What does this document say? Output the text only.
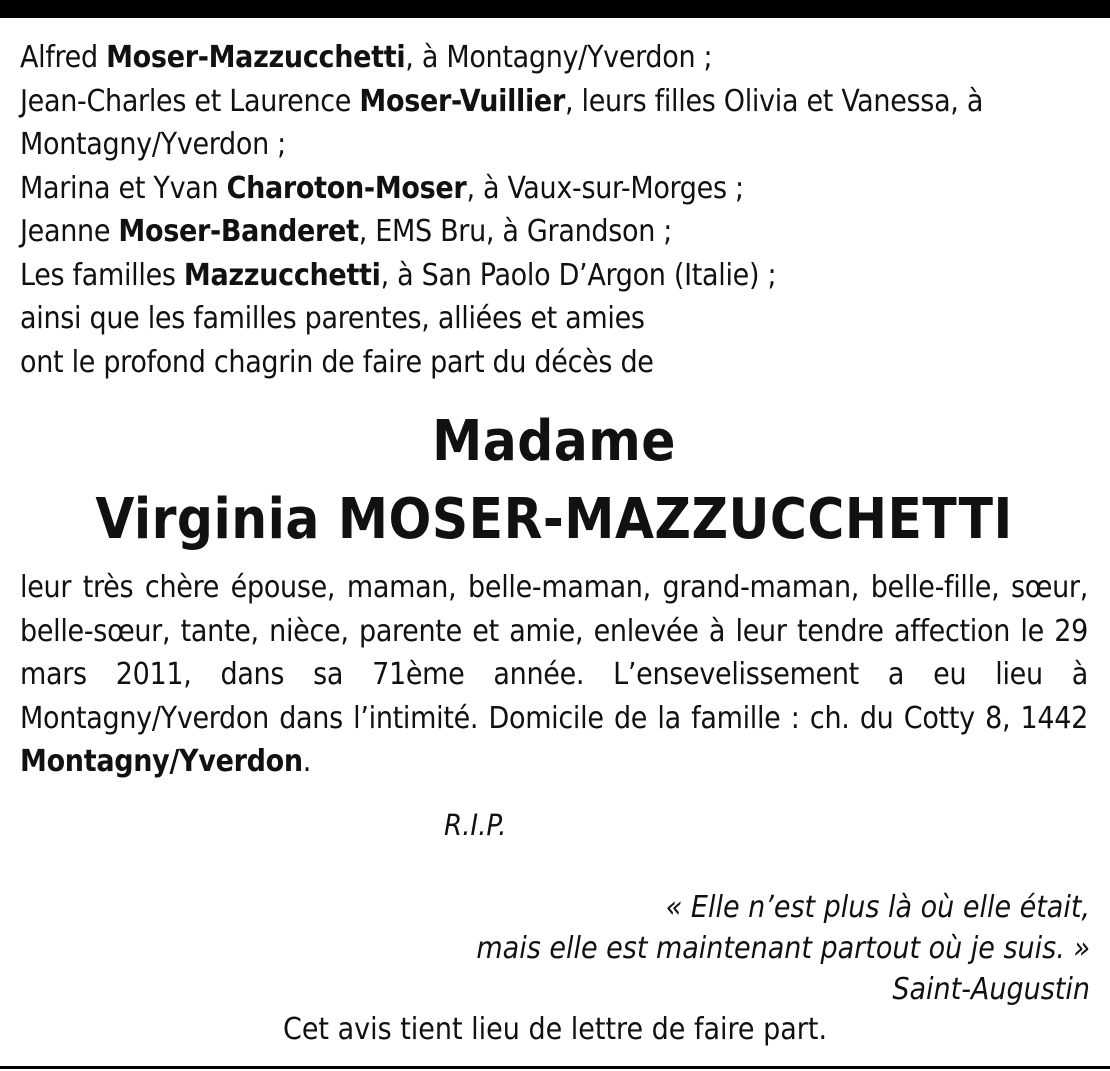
Alfred Moser-Mazzucchetti, à Montagny/Yverdon ;
Jean-Charles et Laurence Moser-Vuillier, leurs filles Olivia et Vanessa, à
Montagny/Yverdon ;
Marina et Yvan Charoton-Moser, à Vaux-sur-Morges ;
Jeanne Moser-Banderet, EMS Bru, à Grandson ;
Les familles Mazzucchetti, à San Paolo D’Argon (Italie) ;
ainsi que les familles parentes, alliées et amies
ont le profond chagrin de faire part du décès de
Madame
Virginia MOSER-MAZZUCCHETTI
leur très chère épouse, maman, belle-maman, grand-maman, belle-fille, sœur, belle-sœur, tante, nièce, parente et amie, enlevée à leur tendre affection le 29 mars 2011, dans sa 71ème année. L’ensevelissement a eu lieu à Montagny/Yverdon dans l’intimité. Domicile de la famille : ch. du Cotty 8, 1442 Montagny/Yverdon.
R.I.P.
« Elle n’est plus là où elle était,
mais elle est maintenant partout où je suis. »
Saint-Augustin
Cet avis tient lieu de lettre de faire part.
